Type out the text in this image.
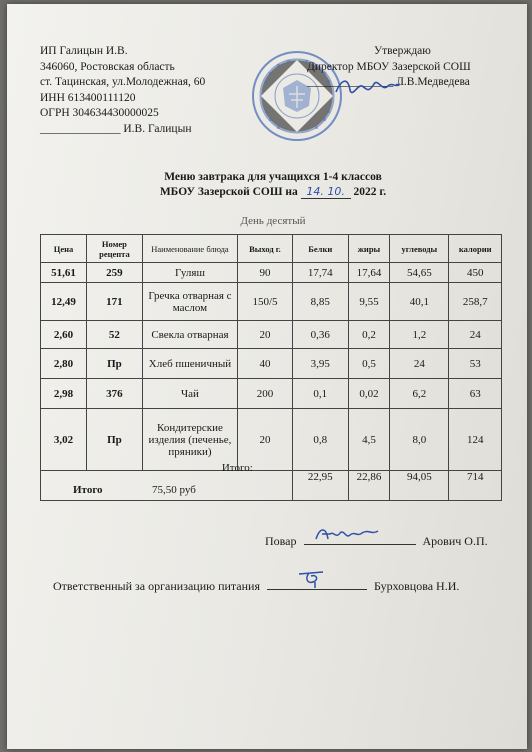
ИП Галицын И.В.
346060, Ростовская область
ст. Тацинская, ул.Молодежная, 60
ИНН 613400111120
ОГРН 304634430000025
______________ И.В. Галицын
Утверждаю
Директор МБОУ Зазерской СОШ
_______________ Л.В.Медведева
Меню завтрака для учащихся 1-4 классов
МБОУ Зазерской СОШ на 14. 10. 2022 г.
День десятый
Цена	Номер рецепта	Наименование блюда	Выход г.	Белки	жиры	углеводы	калории
51,61	259	Гуляш	90	17,74	17,64	54,65	450
12,49	171	Гречка отварная с маслом	150/5	8,85	9,55	40,1	258,7
2,60	52	Свекла отварная	20	0,36	0,2	1,2	24
2,80	Пр	Хлеб пшеничный	40	3,95	0,5	24	53
2,98	376	Чай	200	0,1	0,02	6,2	63
3,02	Пр	Кондитерские изделия (печенье, пряники)	20	0,8	4,5	8,0	124
Итого 75,50 руб
Итого:				22,95	22,86	94,05	714
Повар	Арович О.П.
Ответственный за организацию питания	Бурховцова Н.И.
